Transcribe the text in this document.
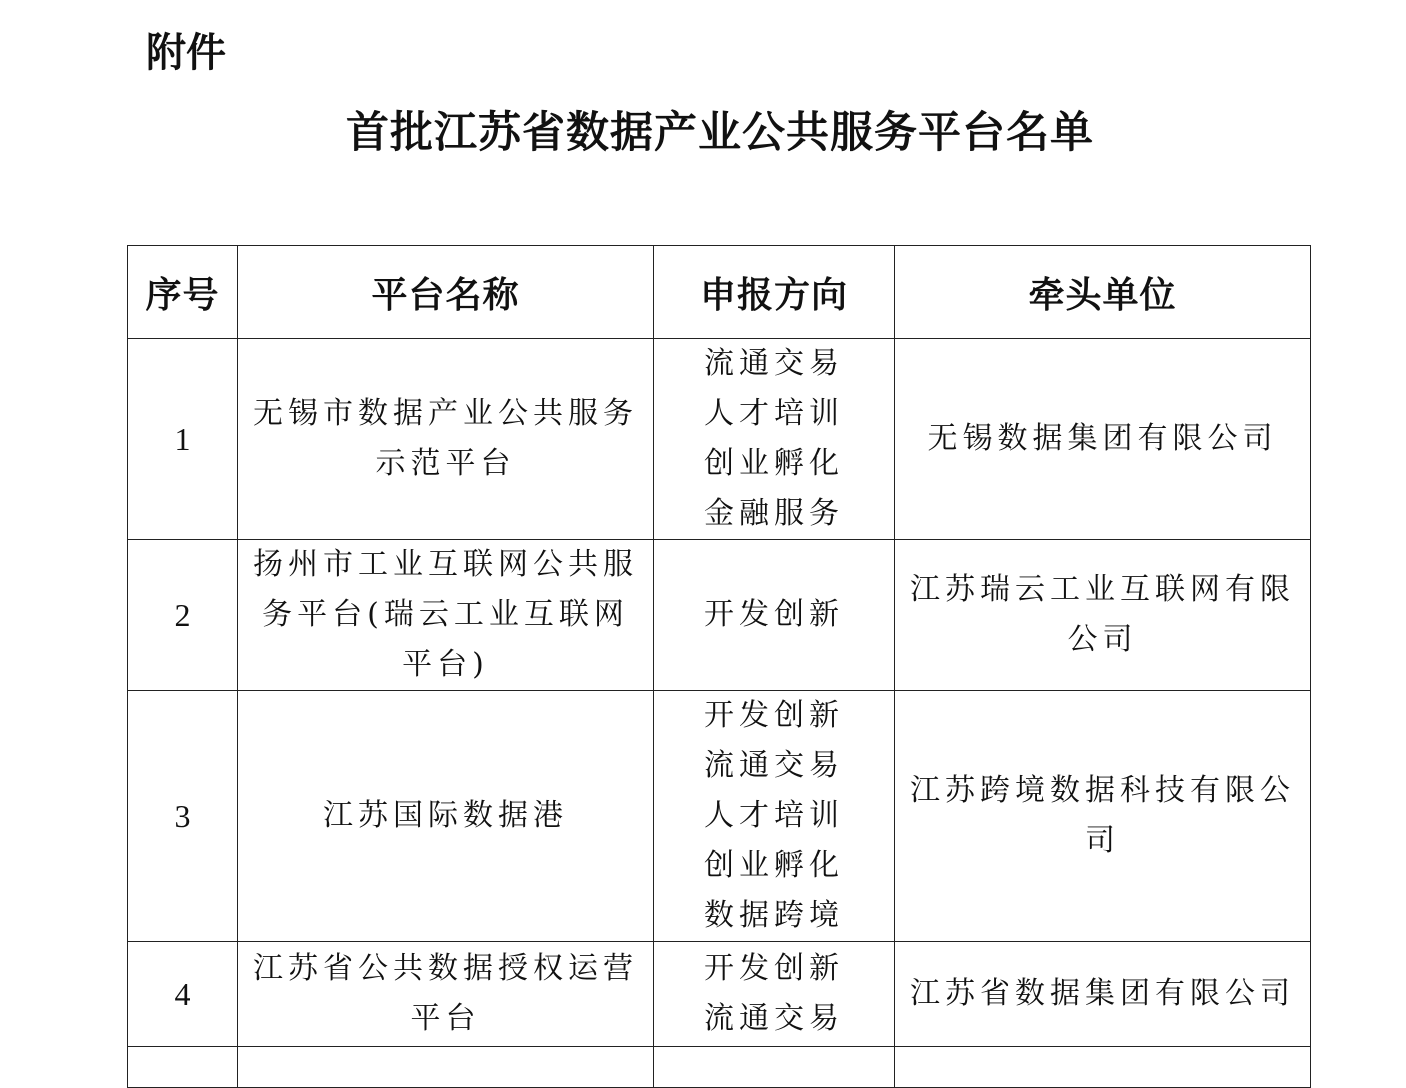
附件
首批江苏省数据产业公共服务平台名单
序号	平台名称	申报方向	牵头单位
1	无锡市数据产业公共服务示范平台	流通交易
人才培训
创业孵化
金融服务	无锡数据集团有限公司
2	扬州市工业互联网公共服务平台(瑞云工业互联网平台)	开发创新	江苏瑞云工业互联网有限公司
3	江苏国际数据港	开发创新
流通交易
人才培训
创业孵化
数据跨境	江苏跨境数据科技有限公司
4	江苏省公共数据授权运营平台	开发创新
流通交易	江苏省数据集团有限公司
